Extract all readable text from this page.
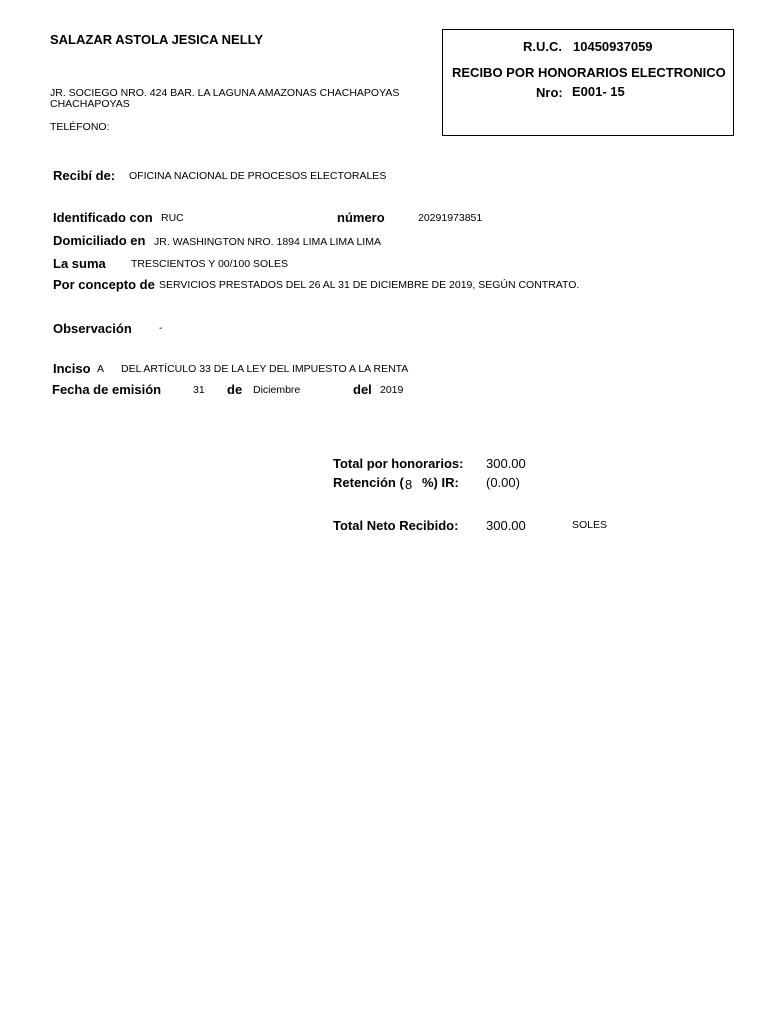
SALAZAR ASTOLA JESICA NELLY
JR. SOCIEGO NRO. 424 BAR. LA LAGUNA AMAZONAS CHACHAPOYAS
CHACHAPOYAS
TELÉFONO:
R.U.C. 10450937059
RECIBO POR HONORARIOS ELECTRONICO
Nro: E001- 15
Recibí de: OFICINA NACIONAL DE PROCESOS ELECTORALES
Identificado con RUC	número	20291973851
Domiciliado en JR. WASHINGTON NRO. 1894 LIMA LIMA LIMA
La suma TRESCIENTOS Y 00/100 SOLES
Por concepto de SERVICIOS PRESTADOS DEL 26 AL 31 DE DICIEMBRE DE 2019, SEGÚN CONTRATO.
Observación	-
Inciso A DEL ARTÍCULO 33 DE LA LEY DEL IMPUESTO A LA RENTA
Fecha de emisión	31 de Diciembre	del 2019
Total por honorarios: 300.00
Retención ( 8 %) IR: (0.00)
Total Neto Recibido: 300.00	SOLES
